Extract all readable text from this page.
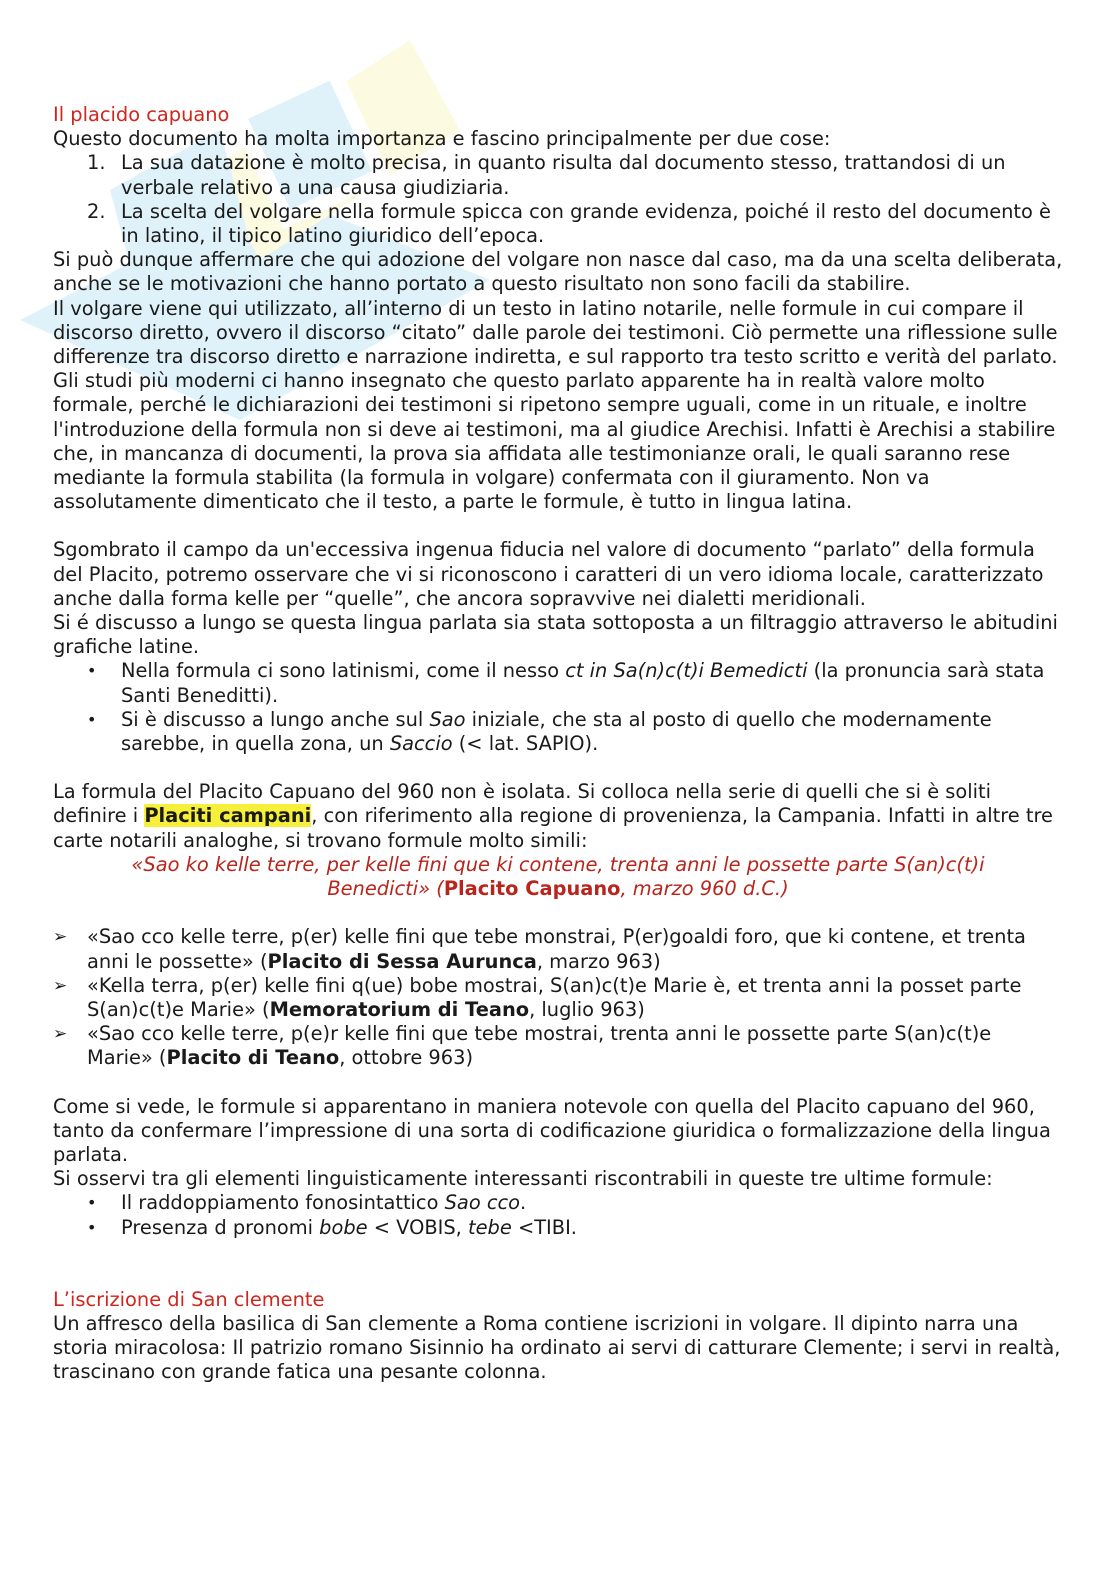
Il placido capuano

Questo documento ha molta importanza e fascino principalmente per due cose:

1. La sua datazione è molto precisa, in quanto risulta dal documento stesso, trattandosi di un verbale relativo a una causa giudiziaria.
2. La scelta del volgare nella formule spicca con grande evidenza, poiché il resto del documento è in latino, il tipico latino giuridico dell’epoca.

Si può dunque affermare che qui adozione del volgare non nasce dal caso, ma da una scelta deliberata, anche se le motivazioni che hanno portato a questo risultato non sono facili da stabilire.

Il volgare viene qui utilizzato, all’interno di un testo in latino notarile, nelle formule in cui compare il discorso diretto, ovvero il discorso “citato” dalle parole dei testimoni. Ciò permette una riflessione sulle differenze tra discorso diretto e narrazione indiretta, e sul rapporto tra testo scritto e verità del parlato.

Gli studi più moderni ci hanno insegnato che questo parlato apparente ha in realtà valore molto formale, perché le dichiarazioni dei testimoni si ripetono sempre uguali, come in un rituale, e inoltre l'introduzione della formula non si deve ai testimoni, ma al giudice Arechisi. Infatti è Arechisi a stabilire che, in mancanza di documenti, la prova sia affidata alle testimonianze orali, le quali saranno rese mediante la formula stabilita (la formula in volgare) confermata con il giuramento. Non va assolutamente dimenticato che il testo, a parte le formule, è tutto in lingua latina.

Sgombrato il campo da un'eccessiva ingenua fiducia nel valore di documento “parlato” della formula del Placito, potremo osservare che vi si riconoscono i caratteri di un vero idioma locale, caratterizzato anche dalla forma kelle per “quelle”, che ancora sopravvive nei dialetti meridionali.

Si é discusso a lungo se questa lingua parlata sia stata sottoposta a un filtraggio attraverso le abitudini grafiche latine.

• Nella formula ci sono latinismi, come il nesso ct in Sa(n)c(t)i Bemedicti (la pronuncia sarà stata Santi Beneditti).
• Si è discusso a lungo anche sul Sao iniziale, che sta al posto di quello che modernamente sarebbe, in quella zona, un Saccio (< lat. SAPIO).

La formula del Placito Capuano del 960 non è isolata. Si colloca nella serie di quelli che si è soliti definire i Placiti campani, con riferimento alla regione di provenienza, la Campania. Infatti in altre tre carte notarili analoghe, si trovano formule molto simili:

«Sao ko kelle terre, per kelle fini que ki contene, trenta anni le possette parte S(an)c(t)i Benedicti» (Placito Capuano, marzo 960 d.C.)

➢ «Sao cco kelle terre, p(er) kelle fini que tebe monstrai, P(er)goaldi foro, que ki contene, et trenta anni le possette» (Placito di Sessa Aurunca, marzo 963)
➢ «Kella terra, p(er) kelle fini q(ue) bobe mostrai, S(an)c(t)e Marie è, et trenta anni la posset parte S(an)c(t)e Marie» (Memoratorium di Teano, luglio 963)
➢ «Sao cco kelle terre, p(e)r kelle fini que tebe mostrai, trenta anni le possette parte S(an)c(t)e Marie» (Placito di Teano, ottobre 963)

Come si vede, le formule si apparentano in maniera notevole con quella del Placito capuano del 960, tanto da confermare l’impressione di una sorta di codificazione giuridica o formalizzazione della lingua parlata.

Si osservi tra gli elementi linguisticamente interessanti riscontrabili in queste tre ultime formule:

• Il raddoppiamento fonosintattico Sao cco.
• Presenza d pronomi bobe < VOBIS, tebe <TIBI.

L’iscrizione di San clemente

Un affresco della basilica di San clemente a Roma contiene iscrizioni in volgare. Il dipinto narra una storia miracolosa: Il patrizio romano Sisinnio ha ordinato ai servi di catturare Clemente; i servi in realtà, trascinano con grande fatica una pesante colonna.
